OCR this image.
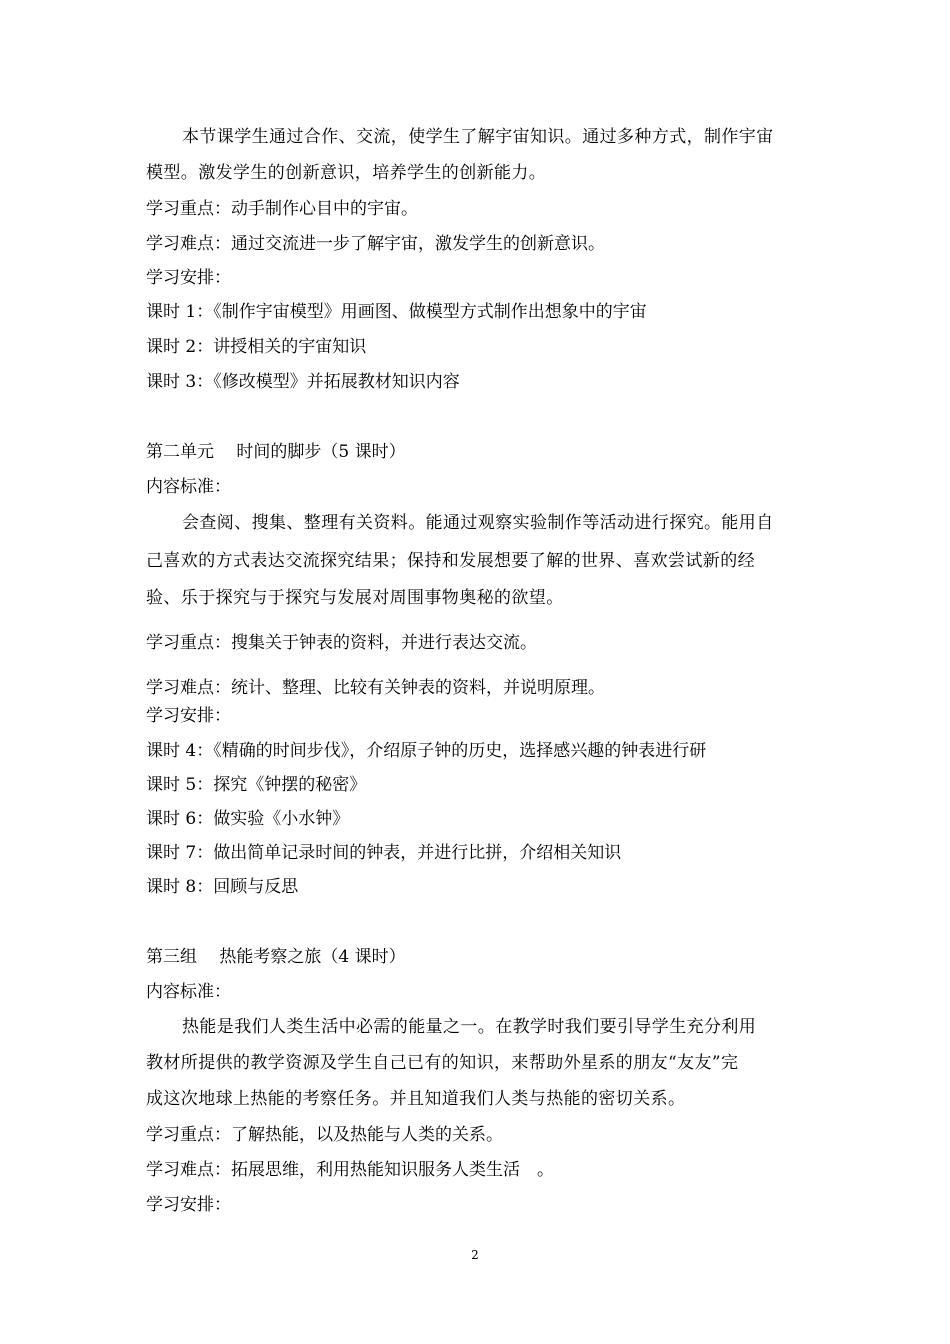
本节课学生通过合作、交流，使学生了解宇宙知识。通过多种方式，制作宇宙
模型。激发学生的创新意识，培养学生的创新能力。
学习重点：动手制作心目中的宇宙。
学习难点：通过交流进一步了解宇宙，激发学生的创新意识。
学习安排：
课时 1：《制作宇宙模型》用画图、做模型方式制作出想象中的宇宙
课时 2：讲授相关的宇宙知识
课时 3：《修改模型》并拓展教材知识内容
第二单元　 时间的脚步（5 课时）
内容标准：
会查阅、搜集、整理有关资料。能通过观察实验制作等活动进行探究。能用自
己喜欢的方式表达交流探究结果；保持和发展想要了解的世界、喜欢尝试新的经
验、乐于探究与于探究与发展对周围事物奥秘的欲望。
学习重点：搜集关于钟表的资料，并进行表达交流。
学习难点：统计、整理、比较有关钟表的资料，并说明原理。
学习安排：
课时 4：《精确的时间步伐》，介绍原子钟的历史，选择感兴趣的钟表进行研
课时 5：探究《钟摆的秘密》
课时 6：做实验《小水钟》
课时 7：做出简单记录时间的钟表，并进行比拼，介绍相关知识
课时 8：回顾与反思
第三组　 热能考察之旅（4 课时）
内容标准：
热能是我们人类生活中必需的能量之一。在教学时我们要引导学生充分利用
教材所提供的教学资源及学生自己已有的知识，来帮助外星系的朋友“友友”完
成这次地球上热能的考察任务。并且知道我们人类与热能的密切关系。
学习重点：了解热能，以及热能与人类的关系。
学习难点：拓展思维，利用热能知识服务人类生活　。
学习安排：
2
